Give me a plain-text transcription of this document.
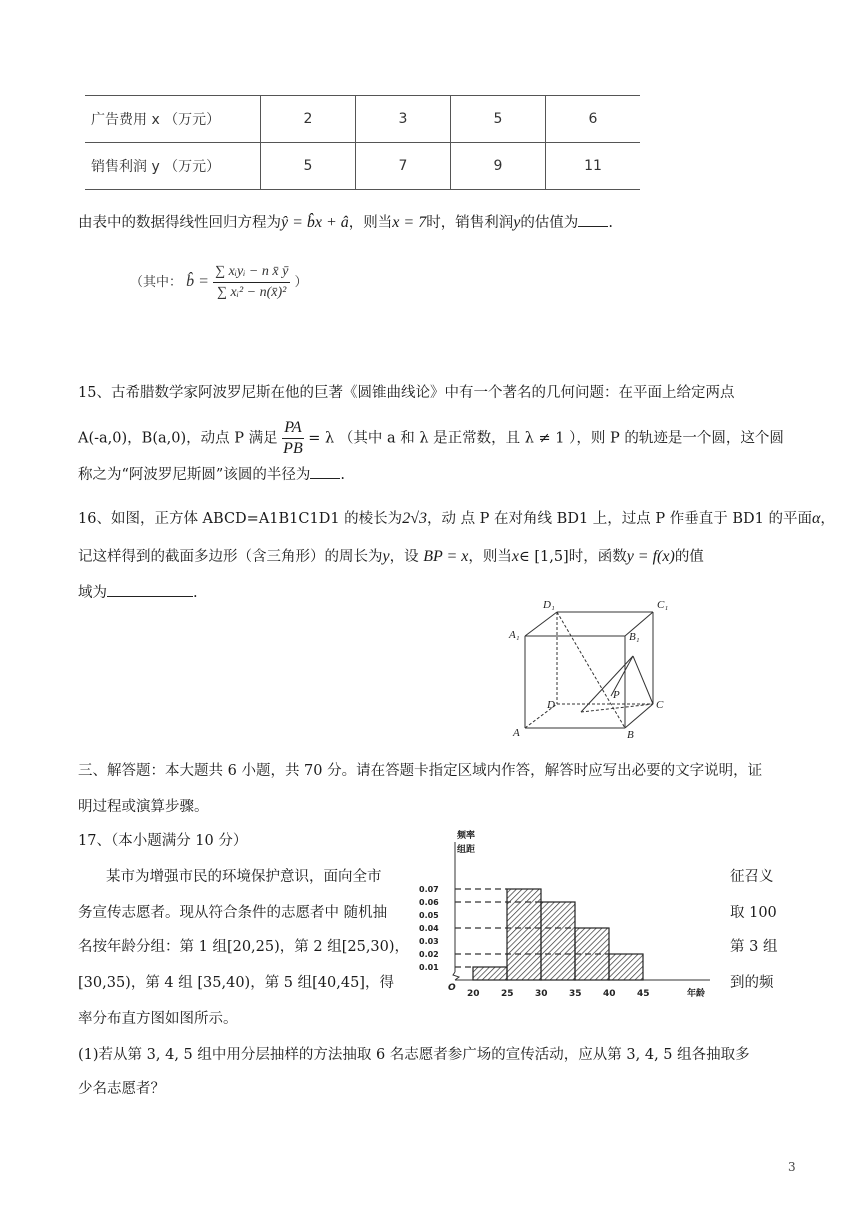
广告费用 x （万元）	2	3	5	6
销售利润 y （万元）	5	7	9	11
由表中的数据得线性回归方程为ŷ = b̂x + â，则当x = 7时，销售利润y的估值为 .
（其中： b̂ = $\frac{\text{∑ xᵢyᵢ − n x̄ ȳ}}{\text{∑ xᵢ² − n(x̄)²}}$ ）
15、古希腊数学家阿波罗尼斯在他的巨著《圆锥曲线论》中有一个著名的几何问题：在平面上给定两点
A(-a,0)，B(a,0)，动点 P 满足 $\frac{PA}{PB} = \lambda$ （其中 a 和 λ 是正常数，且 λ ≠ 1 ），则 P 的轨迹是一个圆，这个圆
称之为“阿波罗尼斯圆”该圆的半径为 .
16、如图，正方体 ABCD=A1B1C1D1 的棱长为2√3，动 点 P 在对角线 BD1 上，过点 P 作垂直于 BD1 的平面α，
记这样得到的截面多边形（含三角形）的周长为y，设 BP = x，则当x∈ [1,5]时，函数y = f(x)的值
域为	.
D₁	C₁
A₁	B₁
D	C
A	B
P
三、解答题：本大题共 6 小题，共 70 分。请在答题卡指定区域内作答，解答时应写出必要的文字说明，证
明过程或演算步骤。
17、（本小题满分 10 分）
某市为增强市民的环境保护意识，面向全市
务宣传志愿者。现从符合条件的志愿者中 随机抽
名按年龄分组：第 1 组[20,25)，第 2 组[25,30)，
[30,35)，第 4 组 [35,40)，第 5 组[40,45]，得
征召义
取 100
第 3 组
到的频
率分布直方图如图所示。
(1)若从第 3, 4, 5 组中用分层抽样的方法抽取 6 名志愿者参广场的宣传活动，应从第 3, 4, 5 组各抽取多
少名志愿者？
频率
组距
年龄
O
0.01
0.02
0.03
0.04
0.05
0.06
0.07
20 25 30 35 40 45
3
